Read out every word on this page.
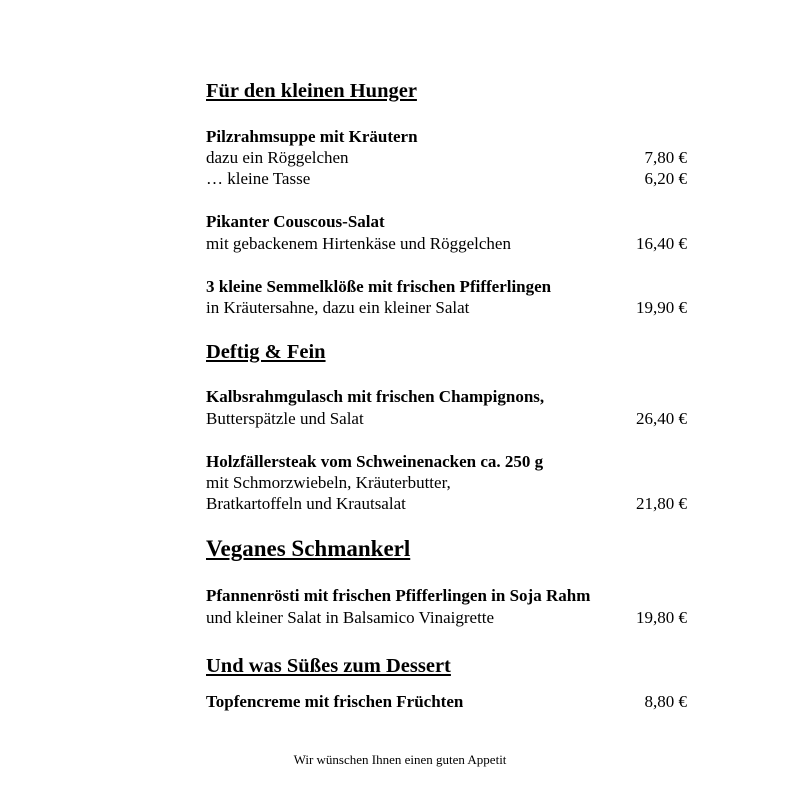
Für den kleinen Hunger
Pilzrahmsuppe mit Kräutern
dazu ein Röggelchen	7,80 €
… kleine Tasse	6,20 €
Pikanter Couscous-Salat
mit gebackenem Hirtenkäse und Röggelchen	16,40 €
3 kleine Semmelklöße mit frischen Pfifferlingen
in Kräutersahne, dazu ein kleiner Salat	19,90 €
Deftig & Fein
Kalbsrahmgulasch mit frischen Champignons,
Butterspätzle und Salat	26,40 €
Holzfällersteak vom Schweinenacken ca. 250 g
mit Schmorzwiebeln, Kräuterbutter,
Bratkartoffeln und Krautsalat	21,80 €
Veganes Schmankerl
Pfannenrösti mit frischen Pfifferlingen in Soja Rahm
und kleiner Salat in Balsamico Vinaigrette	19,80 €
Und was Süßes zum Dessert
Topfencreme mit frischen Früchten	8,80 €
Wir wünschen Ihnen einen guten Appetit
